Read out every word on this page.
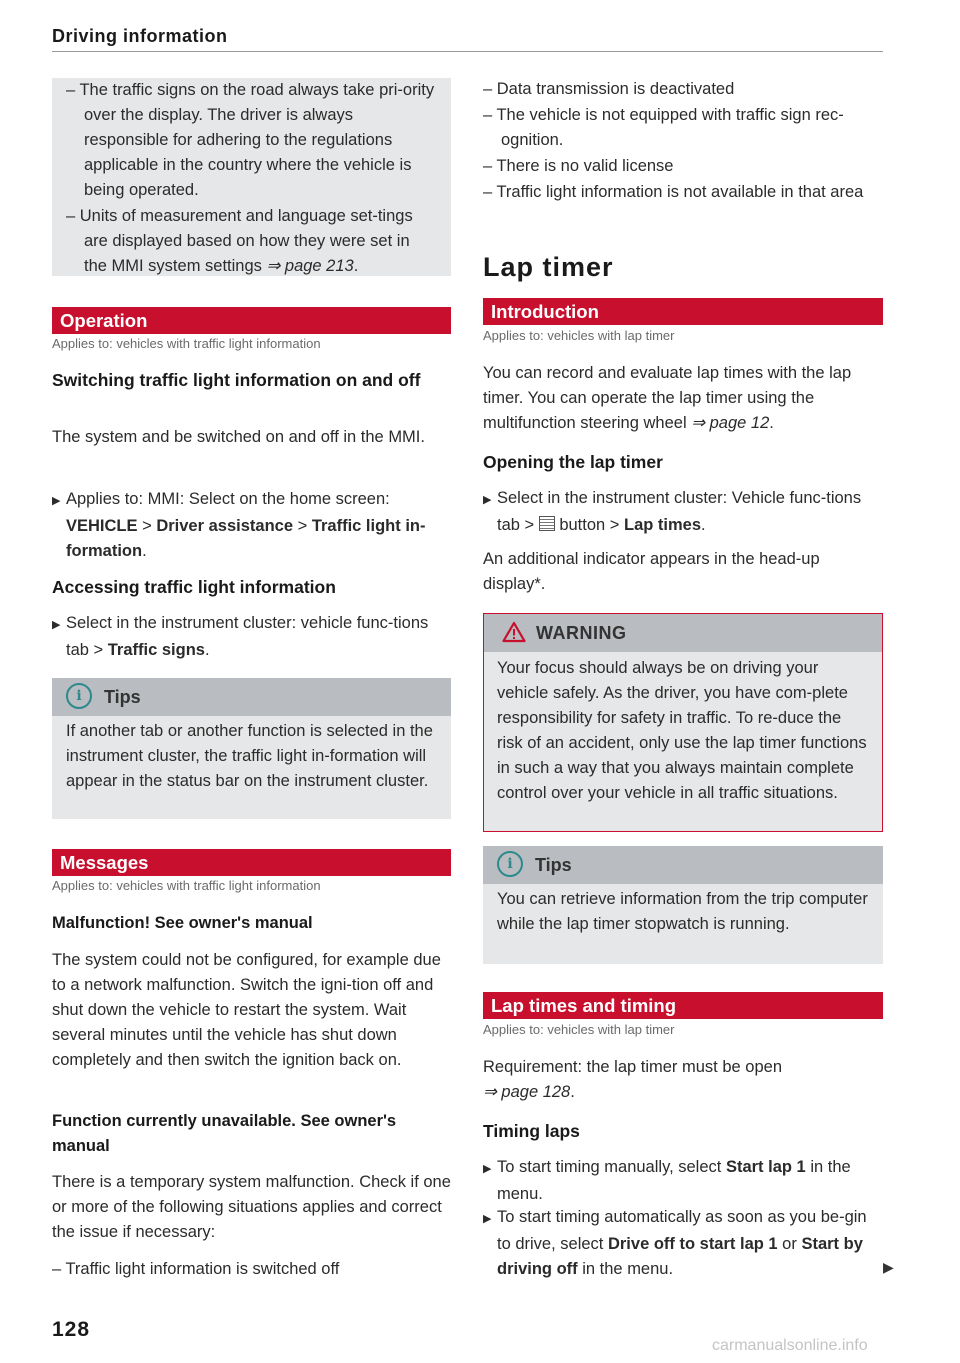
Driving information

– The traffic signs on the road always take pri-ority over the display. The driver is always responsible for adhering to the regulations applicable in the country where the vehicle is being operated.

– Units of measurement and language set-tings are displayed based on how they were set in the MMI system settings ⇒ page 213.

Operation
Applies to: vehicles with traffic light information
Switching traffic light information on and off

The system and be switched on and off in the MMI.

▶ Applies to: MMI: Select on the home screen: VEHICLE > Driver assistance > Traffic light in-formation.

Accessing traffic light information

▶ Select in the instrument cluster: vehicle func-tions tab > Traffic signs.

i Tips

If another tab or another function is selected in the instrument cluster, the traffic light in-formation will appear in the status bar on the instrument cluster.

Messages
Applies to: vehicles with traffic light information
Malfunction! See owner's manual

The system could not be configured, for example due to a network malfunction. Switch the igni-tion off and shut down the vehicle to restart the system. Wait several minutes until the vehicle has shut down completely and then switch the ignition back on.

Function currently unavailable. See owner's manual

There is a temporary system malfunction. Check if one or more of the following situations applies and correct the issue if necessary:

– Traffic light information is switched off

– Data transmission is deactivated

– The vehicle is not equipped with traffic sign rec-ognition.

– There is no valid license

– Traffic light information is not available in that area

Lap timer
Introduction
Applies to: vehicles with lap timer

You can record and evaluate lap times with the lap timer. You can operate the lap timer using the multifunction steering wheel ⇒ page 12.

Opening the lap timer

▶ Select in the instrument cluster: Vehicle func-tions tab >  button > Lap times.

An additional indicator appears in the head-up display*.

WARNING

Your focus should always be on driving your vehicle safely. As the driver, you have com-plete responsibility for safety in traffic. To re-duce the risk of an accident, only use the lap timer functions in such a way that you always maintain complete control over your vehicle in all traffic situations.

i Tips

You can retrieve information from the trip computer while the lap timer stopwatch is running.

Lap times and timing
Applies to: vehicles with lap timer

Requirement: the lap timer must be open
⇒ page 128.

Timing laps

▶ To start timing manually, select Start lap 1 in the menu.

▶ To start timing automatically as soon as you be-gin to drive, select Drive off to start lap 1 or Start by driving off in the menu.	▶
128
carmanualsonline.info
